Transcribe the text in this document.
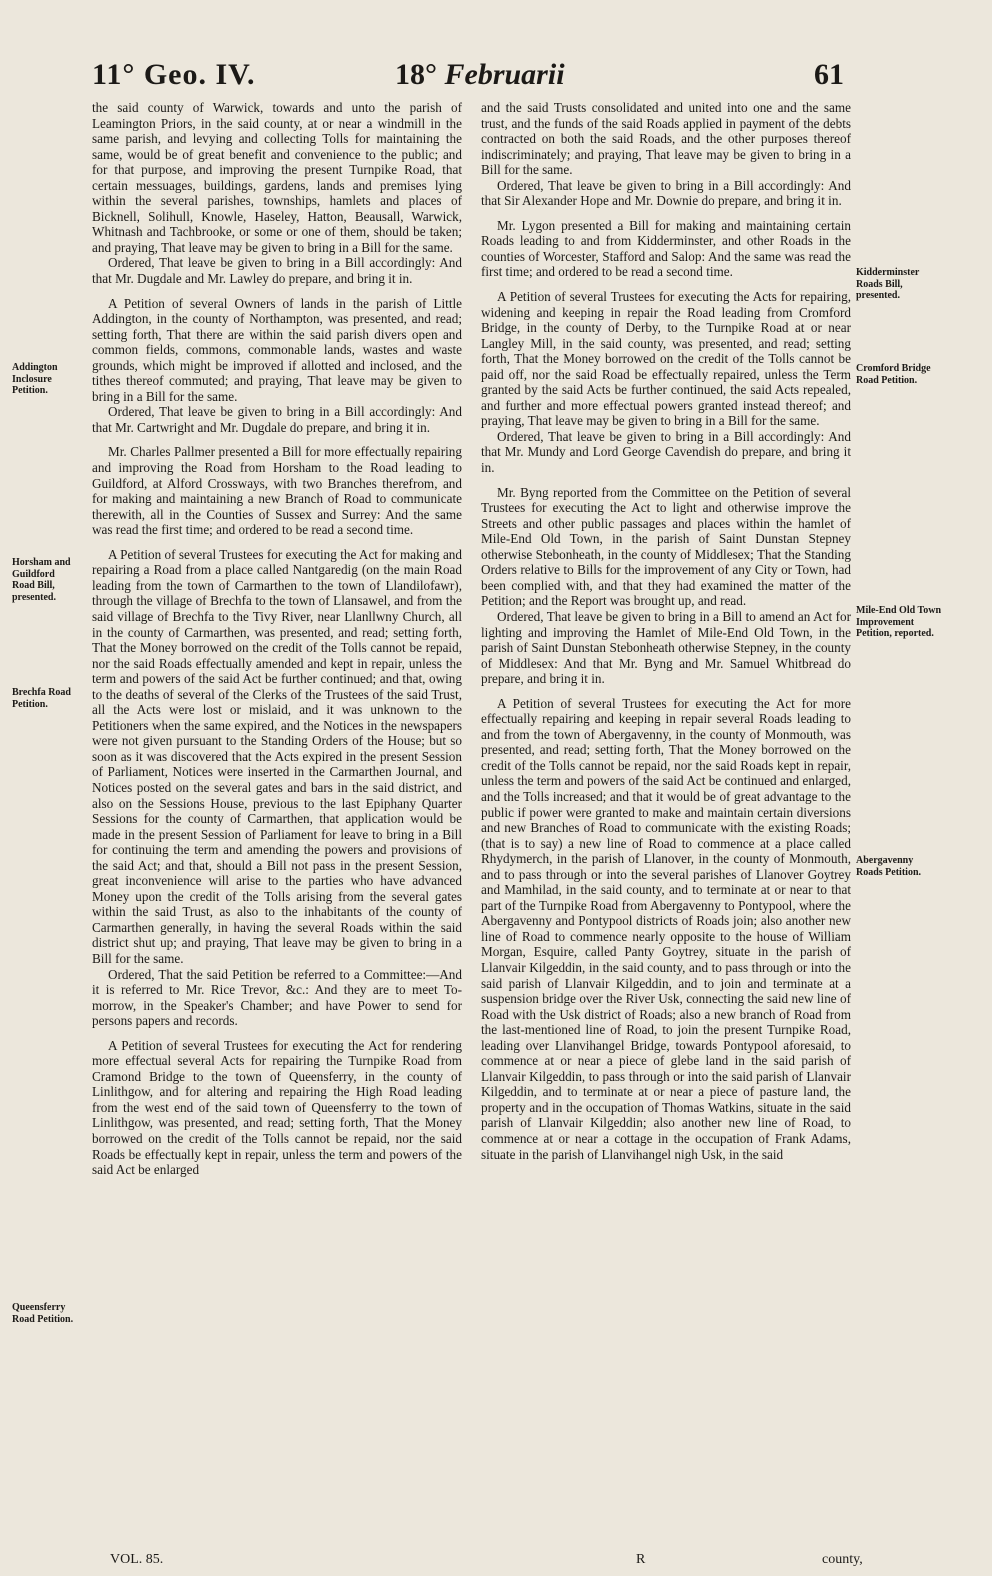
11° Geo. IV.	18° Februarii	61

the said county of Warwick, towards and unto the parish of Leamington Priors, in the said county, at or near a windmill in the same parish, and levying and collecting Tolls for maintaining the same, would be of great benefit and convenience to the public; and for that purpose, and improving the present Turnpike Road, that certain messuages, buildings, gardens, lands and premises lying within the several parishes, townships, hamlets and places of Bicknell, Solihull, Knowle, Haseley, Hatton, Beausall, Warwick, Whitnash and Tachbrooke, or some or one of them, should be taken; and praying, That leave may be given to bring in a Bill for the same.

Ordered, That leave be given to bring in a Bill accordingly: And that Mr. Dugdale and Mr. Lawley do prepare, and bring it in.

A Petition of several Owners of lands in the parish of Little Addington, in the county of Northampton, was presented, and read; setting forth, That there are within the said parish divers open and common fields, commons, commonable lands, wastes and waste grounds, which might be improved if allotted and inclosed, and the tithes thereof commuted; and praying, That leave may be given to bring in a Bill for the same.

Ordered, That leave be given to bring in a Bill accordingly: And that Mr. Cartwright and Mr. Dugdale do prepare, and bring it in.

Mr. Charles Pallmer presented a Bill for more effectually repairing and improving the Road from Horsham to the Road leading to Guildford, at Alford Crossways, with two Branches therefrom, and for making and maintaining a new Branch of Road to communicate therewith, all in the Counties of Sussex and Surrey: And the same was read the first time; and ordered to be read a second time.

A Petition of several Trustees for executing the Act for making and repairing a Road from a place called Nantgaredig (on the main Road leading from the town of Carmarthen to the town of Llandilofawr), through the village of Brechfa to the town of Llansawel, and from the said village of Brechfa to the Tivy River, near Llanllwny Church, all in the county of Carmarthen, was presented, and read; setting forth, That the Money borrowed on the credit of the Tolls cannot be repaid, nor the said Roads effectually amended and kept in repair, unless the term and powers of the said Act be further continued; and that, owing to the deaths of several of the Clerks of the Trustees of the said Trust, all the Acts were lost or mislaid, and it was unknown to the Petitioners when the same expired, and the Notices in the newspapers were not given pursuant to the Standing Orders of the House; but so soon as it was discovered that the Acts expired in the present Session of Parliament, Notices were inserted in the Carmarthen Journal, and Notices posted on the several gates and bars in the said district, and also on the Sessions House, previous to the last Epiphany Quarter Sessions for the county of Carmarthen, that application would be made in the present Session of Parliament for leave to bring in a Bill for continuing the term and amending the powers and provisions of the said Act; and that, should a Bill not pass in the present Session, great inconvenience will arise to the parties who have advanced Money upon the credit of the Tolls arising from the several gates within the said Trust, as also to the inhabitants of the county of Carmarthen generally, in having the several Roads within the said district shut up; and praying, That leave may be given to bring in a Bill for the same.

Ordered, That the said Petition be referred to a Committee:—And it is referred to Mr. Rice Trevor, &c.: And they are to meet To-morrow, in the Speaker's Chamber; and have Power to send for persons papers and records.

A Petition of several Trustees for executing the Act for rendering more effectual several Acts for repairing the Turnpike Road from Cramond Bridge to the town of Queensferry, in the county of Linlithgow, and for altering and repairing the High Road leading from the west end of the said town of Queensferry to the town of Linlithgow, was presented, and read; setting forth, That the Money borrowed on the credit of the Tolls cannot be repaid, nor the said Roads be effectually kept in repair, unless the term and powers of the said Act be enlarged

and the said Trusts consolidated and united into one and the same trust, and the funds of the said Roads applied in payment of the debts contracted on both the said Roads, and the other purposes thereof indiscriminately; and praying, That leave may be given to bring in a Bill for the same.

Ordered, That leave be given to bring in a Bill accordingly: And that Sir Alexander Hope and Mr. Downie do prepare, and bring it in.

Mr. Lygon presented a Bill for making and maintaining certain Roads leading to and from Kidderminster, and other Roads in the counties of Worcester, Stafford and Salop: And the same was read the first time; and ordered to be read a second time.

A Petition of several Trustees for executing the Acts for repairing, widening and keeping in repair the Road leading from Cromford Bridge, in the county of Derby, to the Turnpike Road at or near Langley Mill, in the said county, was presented, and read; setting forth, That the Money borrowed on the credit of the Tolls cannot be paid off, nor the said Road be effectually repaired, unless the Term granted by the said Acts be further continued, the said Acts repealed, and further and more effectual powers granted instead thereof; and praying, That leave may be given to bring in a Bill for the same.

Ordered, That leave be given to bring in a Bill accordingly: And that Mr. Mundy and Lord George Cavendish do prepare, and bring it in.

Mr. Byng reported from the Committee on the Petition of several Trustees for executing the Act to light and otherwise improve the Streets and other public passages and places within the hamlet of Mile-End Old Town, in the parish of Saint Dunstan Stepney otherwise Stebonheath, in the county of Middlesex; That the Standing Orders relative to Bills for the improvement of any City or Town, had been complied with, and that they had examined the matter of the Petition; and the Report was brought up, and read.

Ordered, That leave be given to bring in a Bill to amend an Act for lighting and improving the Hamlet of Mile-End Old Town, in the parish of Saint Dunstan Stebonheath otherwise Stepney, in the county of Middlesex: And that Mr. Byng and Mr. Samuel Whitbread do prepare, and bring it in.

A Petition of several Trustees for executing the Act for more effectually repairing and keeping in repair several Roads leading to and from the town of Abergavenny, in the county of Monmouth, was presented, and read; setting forth, That the Money borrowed on the credit of the Tolls cannot be repaid, nor the said Roads kept in repair, unless the term and powers of the said Act be continued and enlarged, and the Tolls increased; and that it would be of great advantage to the public if power were granted to make and maintain certain diversions and new Branches of Road to communicate with the existing Roads; (that is to say) a new line of Road to commence at a place called Rhydymerch, in the parish of Llanover, in the county of Monmouth, and to pass through or into the several parishes of Llanover Goytrey and Mamhilad, in the said county, and to terminate at or near to that part of the Turnpike Road from Abergavenny to Pontypool, where the Abergavenny and Pontypool districts of Roads join; also another new line of Road to commence nearly opposite to the house of William Morgan, Esquire, called Panty Goytrey, situate in the parish of Llanvair Kilgeddin, in the said county, and to pass through or into the said parish of Llanvair Kilgeddin, and to join and terminate at a suspension bridge over the River Usk, connecting the said new line of Road with the Usk district of Roads; also a new branch of Road from the last-mentioned line of Road, to join the present Turnpike Road, leading over Llanvihangel Bridge, towards Pontypool aforesaid, to commence at or near a piece of glebe land in the said parish of Llanvair Kilgeddin, to pass through or into the said parish of Llanvair Kilgeddin, and to terminate at or near a piece of pasture land, the property and in the occupation of Thomas Watkins, situate in the said parish of Llanvair Kilgeddin; also another new line of Road, to commence at or near a cottage in the occupation of Frank Adams, situate in the parish of Llanvihangel nigh Usk, in the said

Addington Inclosure Petition.
Horsham and Guildford Road Bill, presented.
Brechfa Road Petition.
Queensferry Road Petition.
Kidderminster Roads Bill, presented.
Cromford Bridge Road Petition.
Mile-End Old Town Improvement Petition, reported.
Abergavenny Roads Petition.
VOL. 85.	R	county,
